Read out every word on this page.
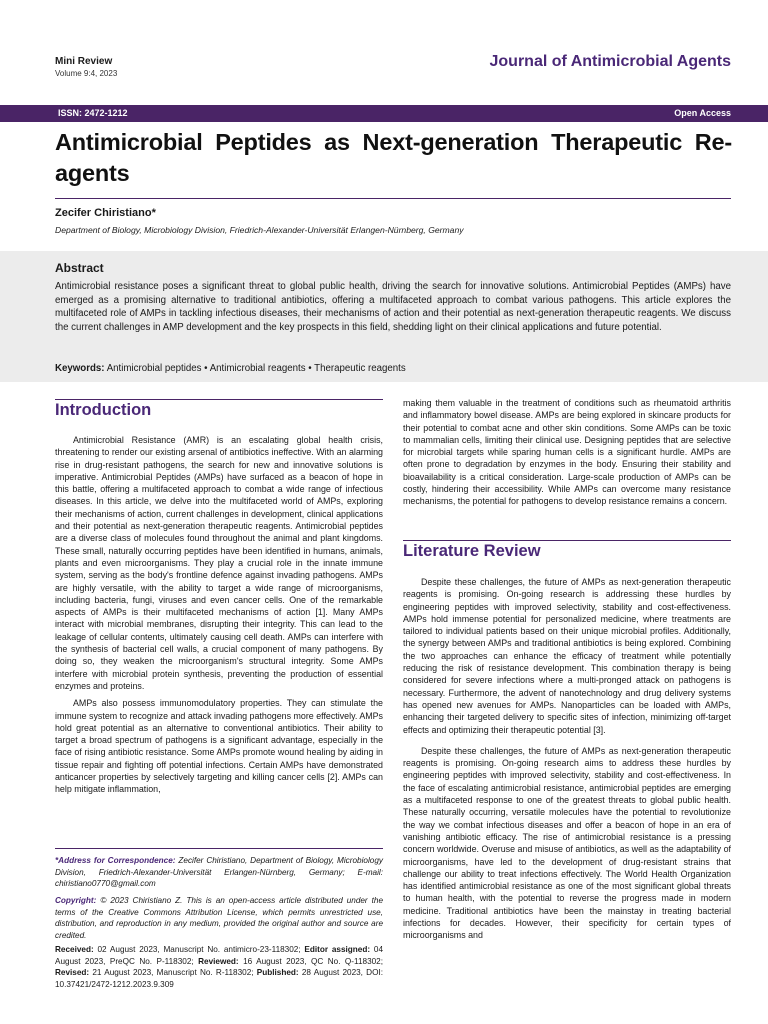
Mini Review
Volume 9:4, 2023
Journal of Antimicrobial Agents
ISSN: 2472-1212	Open Access
Antimicrobial Peptides as Next-generation Therapeutic Re-agents
Zecifer Chiristiano*
Department of Biology, Microbiology Division, Friedrich-Alexander-Universität Erlangen-Nürnberg, Germany
Abstract
Antimicrobial resistance poses a significant threat to global public health, driving the search for innovative solutions. Antimicrobial Peptides (AMPs) have emerged as a promising alternative to traditional antibiotics, offering a multifaceted approach to combat various pathogens. This article explores the multifaceted role of AMPs in tackling infectious diseases, their mechanisms of action and their potential as next-generation therapeutic reagents. We discuss the current challenges in AMP development and the key prospects in this field, shedding light on their clinical applications and future potential.
Keywords: Antimicrobial peptides • Antimicrobial reagents • Therapeutic reagents
Introduction

Antimicrobial Resistance (AMR) is an escalating global health crisis, threatening to render our existing arsenal of antibiotics ineffective. With an alarming rise in drug-resistant pathogens, the search for new and innovative solutions is imperative. Antimicrobial Peptides (AMPs) have surfaced as a beacon of hope in this battle, offering a multifaceted approach to combat a wide range of infectious diseases. In this article, we delve into the multifaceted world of AMPs, exploring their mechanisms of action, current challenges in development, clinical applications and their potential as next-generation therapeutic reagents. Antimicrobial peptides are a diverse class of molecules found throughout the animal and plant kingdoms. These small, naturally occurring peptides have been identified in humans, animals, plants and even microorganisms. They play a crucial role in the innate immune system, serving as the body's frontline defence against invading pathogens. AMPs are highly versatile, with the ability to target a wide range of microorganisms, including bacteria, fungi, viruses and even cancer cells. One of the remarkable aspects of AMPs is their multifaceted mechanisms of action [1]. Many AMPs interact with microbial membranes, disrupting their integrity. This can lead to the leakage of cellular contents, ultimately causing cell death. AMPs can interfere with the synthesis of bacterial cell walls, a crucial component of many pathogens. By doing so, they weaken the microorganism's structural integrity. Some AMPs interfere with microbial protein synthesis, preventing the production of essential enzymes and proteins.

AMPs also possess immunomodulatory properties. They can stimulate the immune system to recognize and attack invading pathogens more effectively. AMPs hold great potential as an alternative to conventional antibiotics. Their ability to target a broad spectrum of pathogens is a significant advantage, especially in the face of rising antibiotic resistance. Some AMPs promote wound healing by aiding in tissue repair and fighting off potential infections. Certain AMPs have demonstrated anticancer properties by selectively targeting and killing cancer cells [2]. AMPs can help mitigate inflammation,

*Address for Correspondence: Zecifer Chiristiano, Department of Biology, Microbiology Division, Friedrich-Alexander-Universität Erlangen-Nürnberg, Germany; E-mail: chiristiano0770@gmail.com
Copyright: © 2023 Chiristiano Z. This is an open-access article distributed under the terms of the Creative Commons Attribution License, which permits unrestricted use, distribution, and reproduction in any medium, provided the original author and source are credited.
Received: 02 August 2023, Manuscript No. antimicro-23-118302; Editor assigned: 04 August 2023, PreQC No. P-118302; Reviewed: 16 August 2023, QC No. Q-118302; Revised: 21 August 2023, Manuscript No. R-118302; Published: 28 August 2023, DOI: 10.37421/2472-1212.2023.9.309

making them valuable in the treatment of conditions such as rheumatoid arthritis and inflammatory bowel disease. AMPs are being explored in skincare products for their potential to combat acne and other skin conditions. Some AMPs can be toxic to mammalian cells, limiting their clinical use. Designing peptides that are selective for microbial targets while sparing human cells is a significant hurdle. AMPs are often prone to degradation by enzymes in the body. Ensuring their stability and bioavailability is a critical consideration. Large-scale production of AMPs can be costly, hindering their accessibility. While AMPs can overcome many resistance mechanisms, the potential for pathogens to develop resistance remains a concern.

Literature Review

Despite these challenges, the future of AMPs as next-generation therapeutic reagents is promising. On-going research is addressing these hurdles by engineering peptides with improved selectivity, stability and cost-effectiveness. AMPs hold immense potential for personalized medicine, where treatments are tailored to individual patients based on their unique microbial profiles. Additionally, the synergy between AMPs and traditional antibiotics is being explored. Combining the two approaches can enhance the efficacy of treatment while potentially reducing the risk of resistance development. This combination therapy is being considered for severe infections where a multi-pronged attack on pathogens is necessary. Furthermore, the advent of nanotechnology and drug delivery systems has opened new avenues for AMPs. Nanoparticles can be loaded with AMPs, enhancing their targeted delivery to specific sites of infection, minimizing off-target effects and optimizing their therapeutic potential [3].

Despite these challenges, the future of AMPs as next-generation therapeutic reagents is promising. On-going research aims to address these hurdles by engineering peptides with improved selectivity, stability and cost-effectiveness. In the face of escalating antimicrobial resistance, antimicrobial peptides are emerging as a multifaceted response to one of the greatest threats to global public health. These naturally occurring, versatile molecules have the potential to revolutionize the way we combat infectious diseases and offer a beacon of hope in an era of vanishing antibiotic efficacy. The rise of antimicrobial resistance is a pressing concern worldwide. Overuse and misuse of antibiotics, as well as the adaptability of microorganisms, have led to the development of drug-resistant strains that challenge our ability to treat infections effectively. The World Health Organization has identified antimicrobial resistance as one of the most significant global threats to human health, with the potential to reverse the progress made in modern medicine. Traditional antibiotics have been the mainstay in treating bacterial infections for decades. However, their specificity for certain types of microorganisms and
